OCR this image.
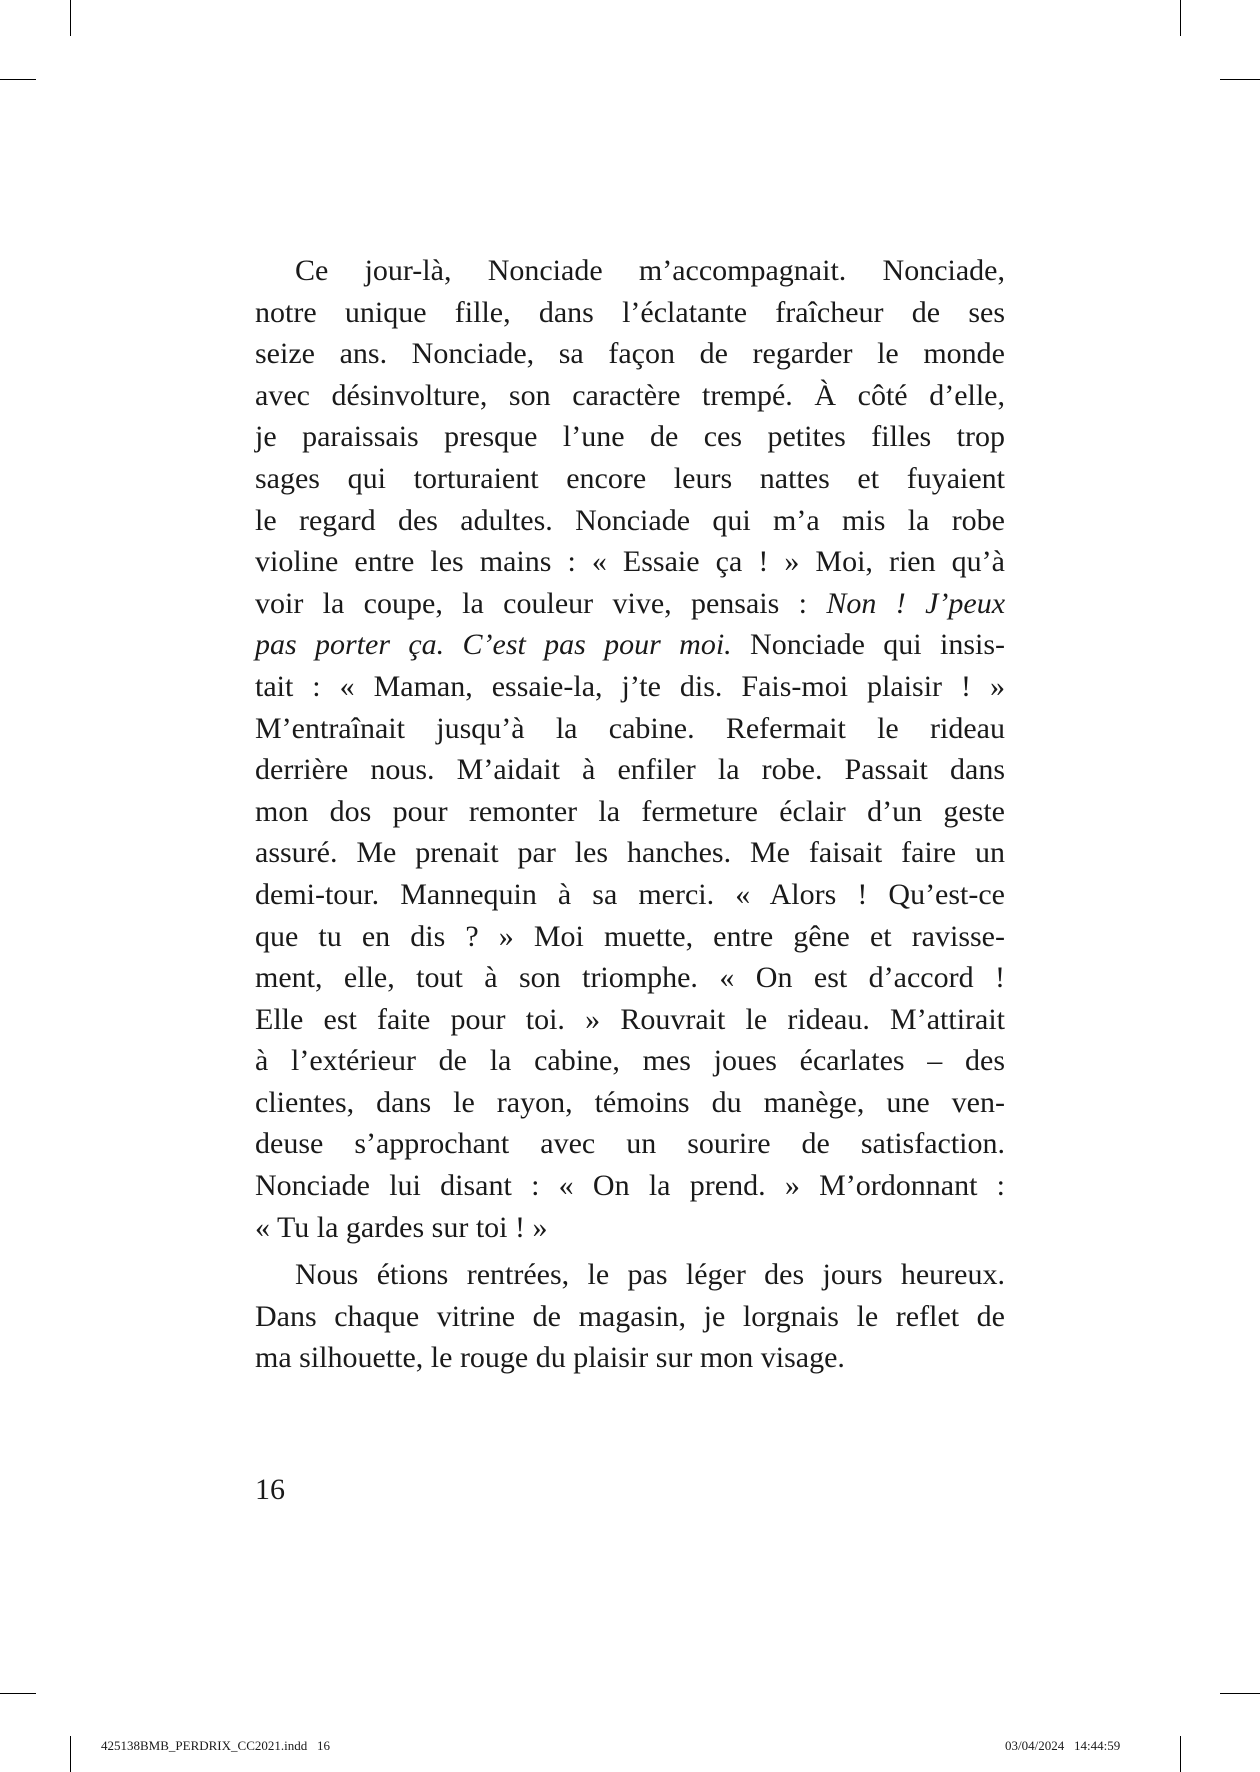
Ce jour-là, Nonciade m’accompagnait. Nonciade,
notre unique fille, dans l’éclatante fraîcheur de ses
seize ans. Nonciade, sa façon de regarder le monde
avec désinvolture, son caractère trempé. À côté d’elle,
je paraissais presque l’une de ces petites filles trop
sages qui torturaient encore leurs nattes et fuyaient
le regard des adultes. Nonciade qui m’a mis la robe
violine entre les mains : « Essaie ça ! » Moi, rien qu’à
voir la coupe, la couleur vive, pensais : Non ! J’peux
pas porter ça. C’est pas pour moi. Nonciade qui insis-
tait : « Maman, essaie-la, j’te dis. Fais-moi plaisir ! »
M’entraînait jusqu’à la cabine. Refermait le rideau
derrière nous. M’aidait à enfiler la robe. Passait dans
mon dos pour remonter la fermeture éclair d’un geste
assuré. Me prenait par les hanches. Me faisait faire un
demi-tour. Mannequin à sa merci. « Alors ! Qu’est-ce
que tu en dis ? » Moi muette, entre gêne et ravisse-
ment, elle, tout à son triomphe. « On est d’accord !
Elle est faite pour toi. » Rouvrait le rideau. M’attirait
à l’extérieur de la cabine, mes joues écarlates – des
clientes, dans le rayon, témoins du manège, une ven-
deuse s’approchant avec un sourire de satisfaction.
Nonciade lui disant : « On la prend. » M’ordonnant :
« Tu la gardes sur toi ! »
Nous étions rentrées, le pas léger des jours heureux.
Dans chaque vitrine de magasin, je lorgnais le reflet de
ma silhouette, le rouge du plaisir sur mon visage.
16
425138BMB_PERDRIX_CC2021.indd   16	03/04/2024   14:44:59
